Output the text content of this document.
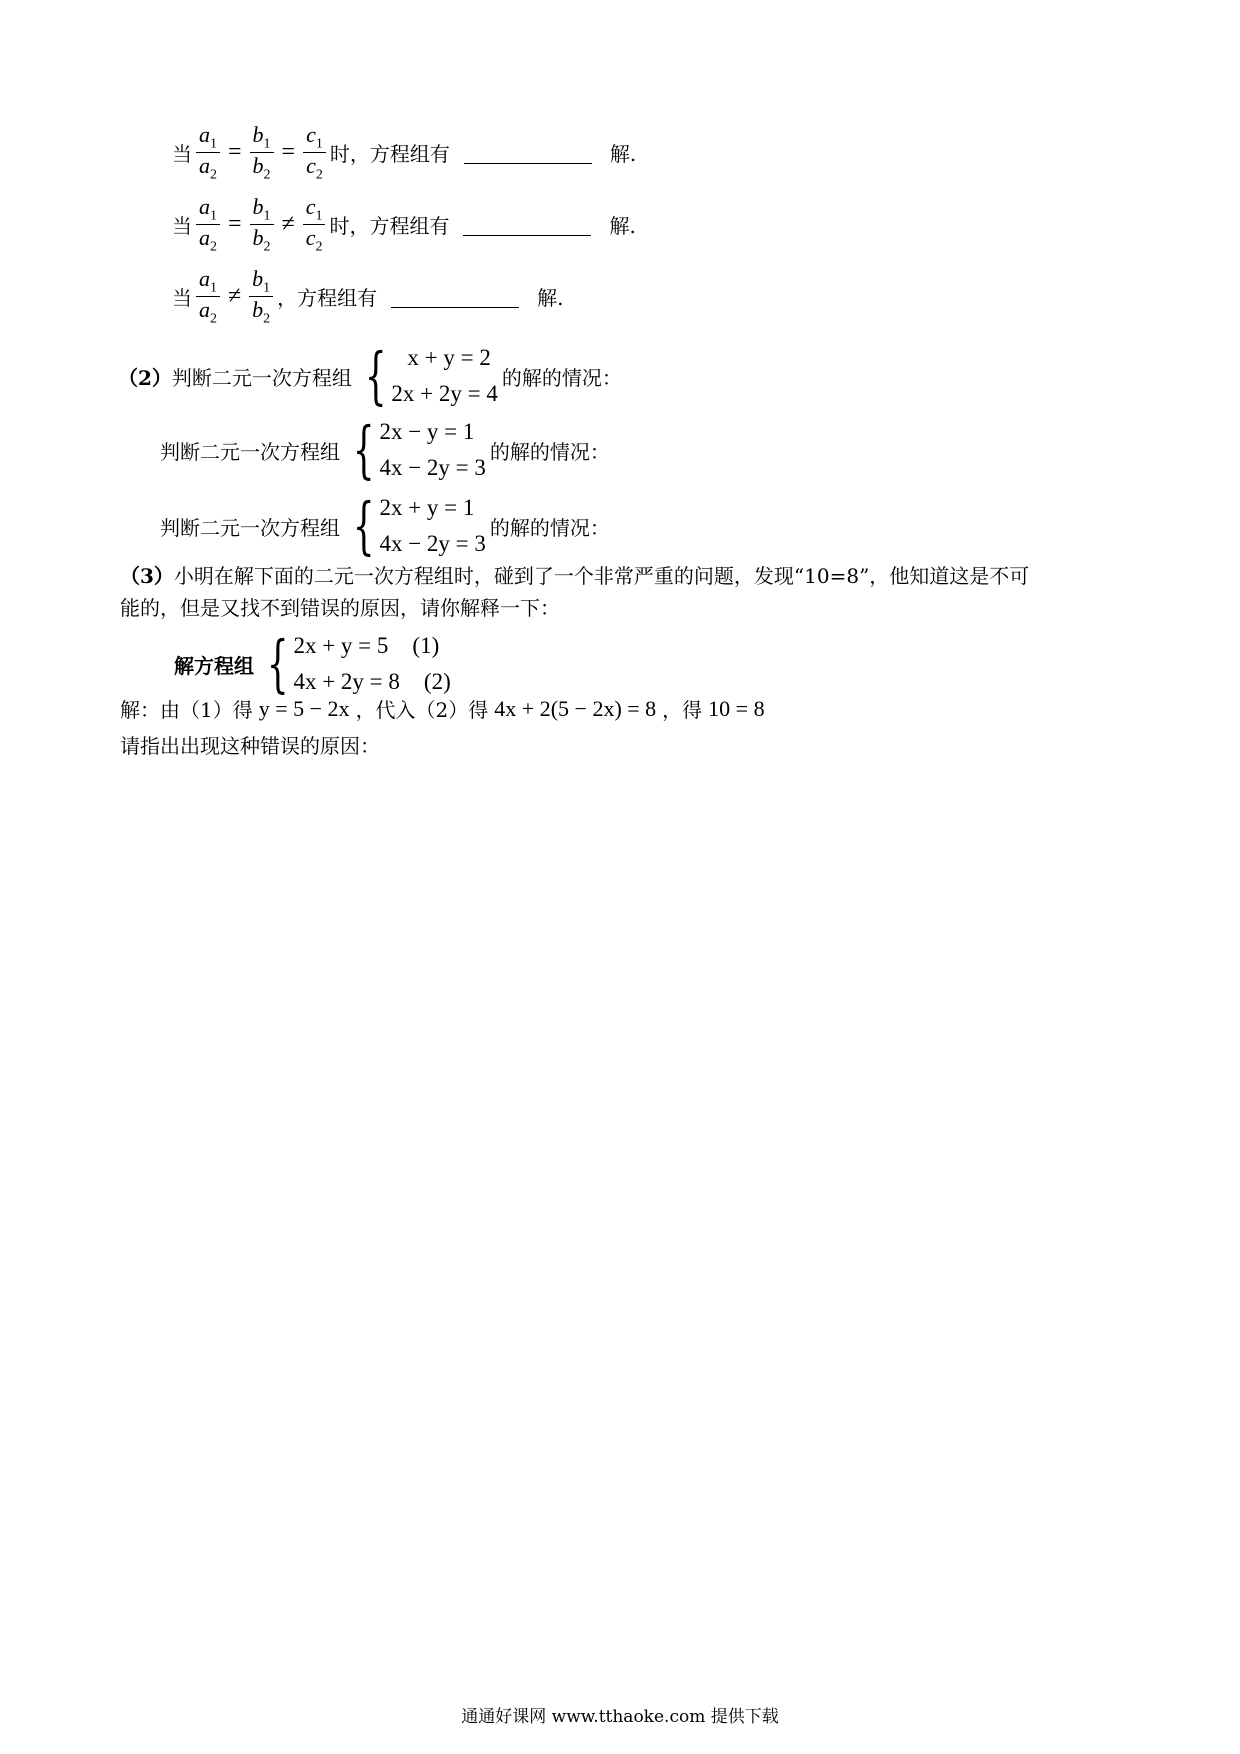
当 $\frac{a_1}{a_2} = \frac{b_1}{b_2} = \frac{c_1}{c_2}$ 时，方程组有	解.
当 $\frac{a_1}{a_2} = \frac{b_1}{b_2} \ne \frac{c_1}{c_2}$ 时，方程组有	解.
当 $\frac{a_1}{a_2} \ne \frac{b_1}{b_2}$ ，方程组有	解.
（2） 判断二元一次方程组 { x + y = 2
2x + 2y = 4
的解的情况：
判断二元一次方程组 { 2x − y = 1
4x − 2y = 3
的解的情况：
判断二元一次方程组 { 2x + y = 1
4x − 2y = 3
的解的情况：
（3）小明在解下面的二元一次方程组时，碰到了一个非常严重的问题，发现“10=8”，他知道这是不可
能的，但是又找不到错误的原因，请你解释一下：
解方程组 { 2x + y = 5 (1)
4x + 2y = 8 (2)
解：由（1）得 y = 5 − 2x ，代入（2）得 4x + 2(5 − 2x) = 8 ，得 10 = 8
请指出出现这种错误的原因：
通通好课网 www.tthaoke.com 提供下载
